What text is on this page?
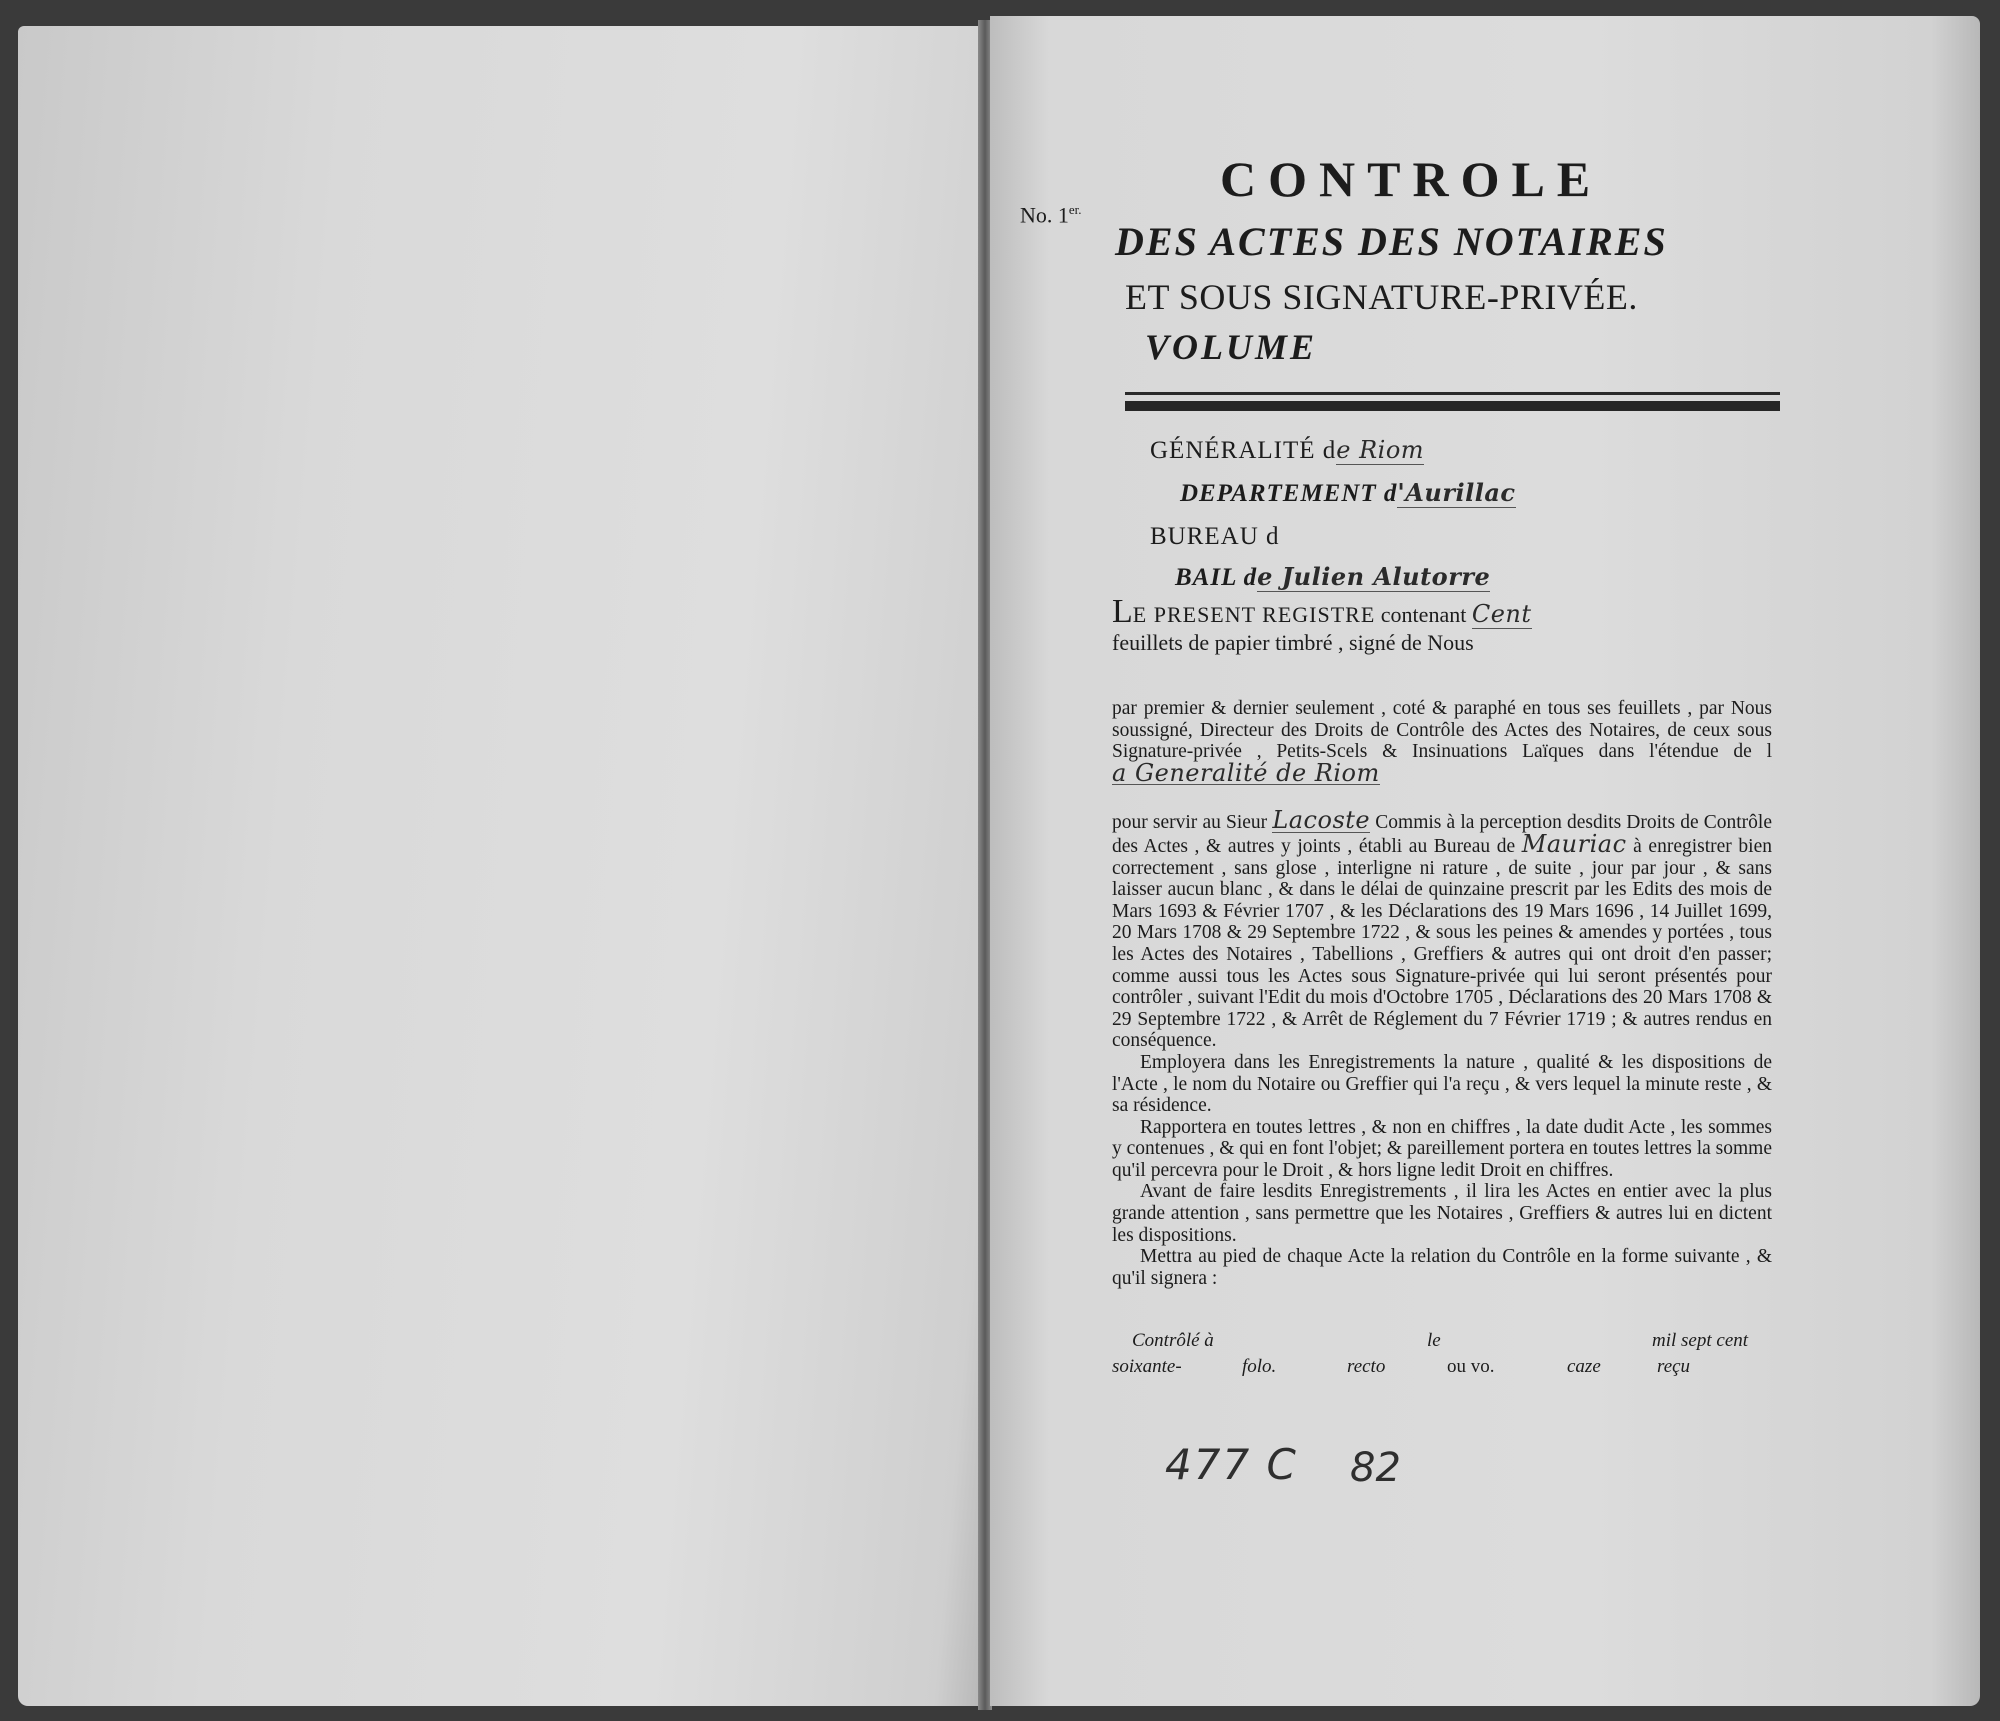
No. $1^{er.}$
CONTROLE
DES ACTES DES NOTAIRES
ET SOUS SIGNATURE-PRIVÉE.
VOLUME
GÉNÉRALITÉ de Riom
DEPARTEMENT d'Aurillac
BUREAU d
BAIL de Julien Alutorre
LE PRESENT REGISTRE contenant Cent
feuillets de papier timbré , signé de Nous

par premier & dernier seulement , coté & paraphé en tous ses feuillets , par Nous soussigné, Directeur des Droits de Contrôle des Actes des Notaires, de ceux sous Signature-privée , Petits-Scels & Insinuations Laïques dans l'étendue de la Generalité de Riom

pour servir au Sieur Lacoste Commis à la perception desdits Droits de Contrôle des Actes , & autres y joints , établi au Bureau de Mauriac à enregistrer bien correctement , sans glose , interligne ni rature , de suite , jour par jour , & sans laisser aucun blanc , & dans le délai de quinzaine prescrit par les Edits des mois de Mars 1693 & Février 1707 , & les Déclarations des 19 Mars 1696 , 14 Juillet 1699, 20 Mars 1708 & 29 Septembre 1722 , & sous les peines & amendes y portées , tous les Actes des Notaires , Tabellions , Greffiers & autres qui ont droit d'en passer; comme aussi tous les Actes sous Signature-privée qui lui seront présentés pour contrôler , suivant l'Edit du mois d'Octobre 1705 , Déclarations des 20 Mars 1708 & 29 Septembre 1722 , & Arrêt de Réglement du 7 Février 1719 ; & autres rendus en conséquence.

Employera dans les Enregistrements la nature , qualité & les dispositions de l'Acte , le nom du Notaire ou Greffier qui l'a reçu , & vers lequel la minute reste , & sa résidence.

Rapportera en toutes lettres , & non en chiffres , la date dudit Acte , les sommes y contenues , & qui en font l'objet; & pareillement portera en toutes lettres la somme qu'il percevra pour le Droit , & hors ligne ledit Droit en chiffres.

Avant de faire lesdits Enregistrements , il lira les Actes en entier avec la plus grande attention , sans permettre que les Notaires , Greffiers & autres lui en dictent les dispositions.

Mettra au pied de chaque Acte la relation du Contrôle en la forme suivante , & qu'il signera :

Contrôlé à	le	mil sept cent
soixante-	folo.	recto	ou vo.	caze	reçu
477 C 82
